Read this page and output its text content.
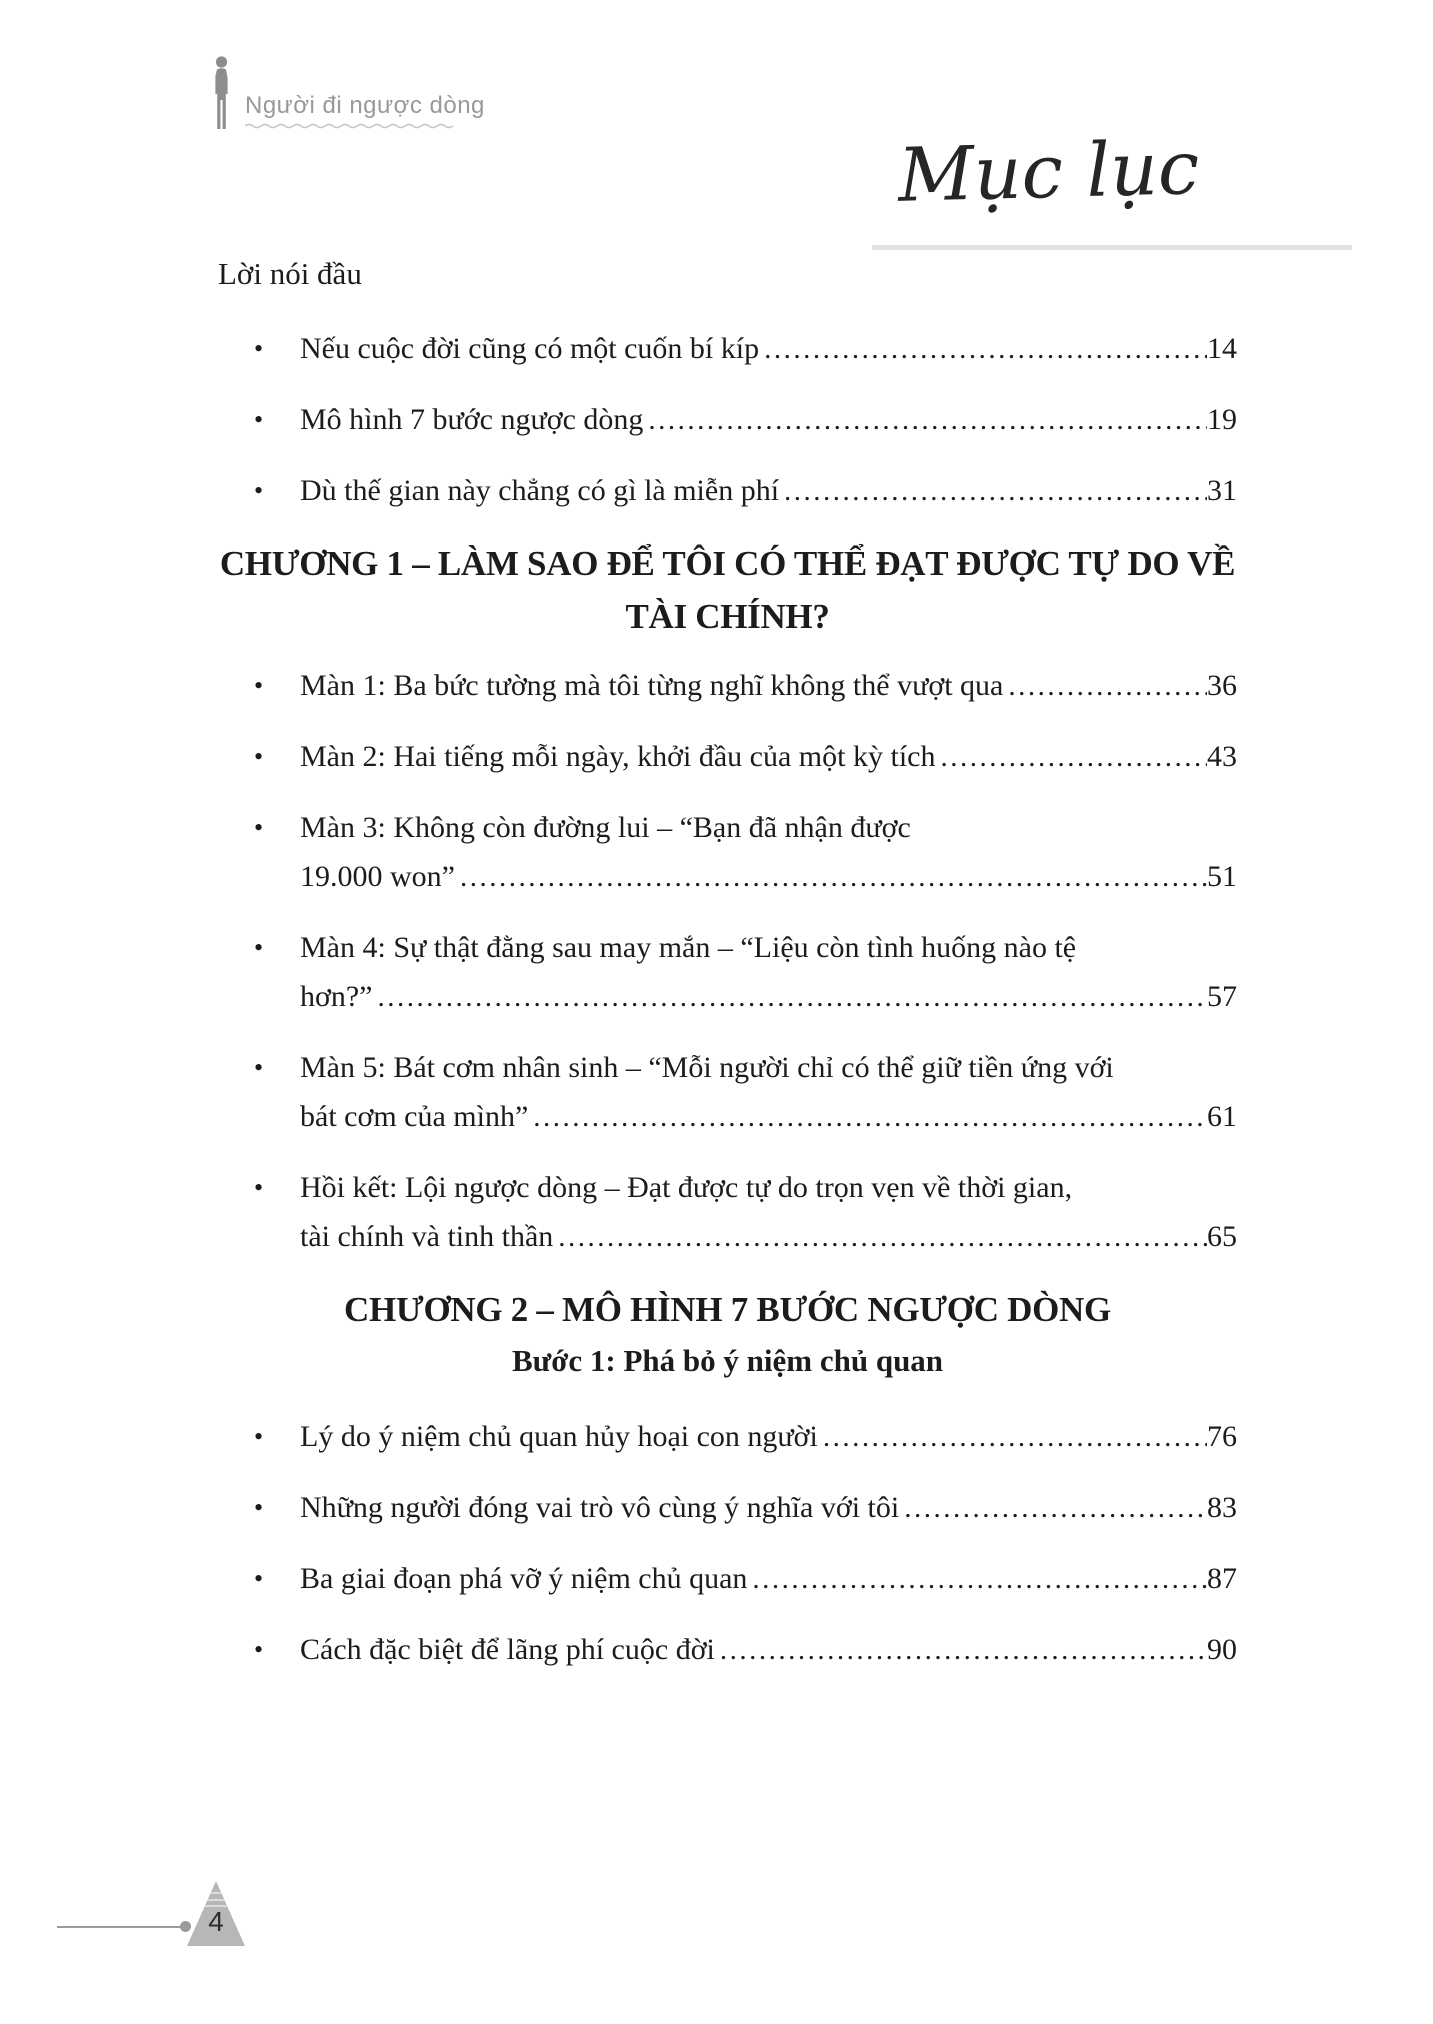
Người đi ngược dòng
Mục lục
Lời nói đầu
•	Nếu cuộc đời cũng có một cuốn bí kíp .....	14
•	Mô hình 7 bước ngược dòng .....	19
•	Dù thế gian này chẳng có gì là miễn phí .....	31
CHƯƠNG 1 – LÀM SAO ĐỂ TÔI CÓ THỂ ĐẠT ĐƯỢC TỰ DO VỀ
TÀI CHÍNH?
•	Màn 1: Ba bức tường mà tôi từng nghĩ không thể vượt qua .....	36
•	Màn 2: Hai tiếng mỗi ngày, khởi đầu của một kỳ tích .....	43
•	Màn 3: Không còn đường lui – “Bạn đã nhận được
19.000 won” .....	51
•	Màn 4: Sự thật đằng sau may mắn – “Liệu còn tình huống nào tệ
hơn?” .....	57
•	Màn 5: Bát cơm nhân sinh – “Mỗi người chỉ có thể giữ tiền ứng với
bát cơm của mình” .....	61
•	Hồi kết: Lội ngược dòng – Đạt được tự do trọn vẹn về thời gian,
tài chính và tinh thần .....	65
CHƯƠNG 2 – MÔ HÌNH 7 BƯỚC NGƯỢC DÒNG
Bước 1: Phá bỏ ý niệm chủ quan
•	Lý do ý niệm chủ quan hủy hoại con người .....	76
•	Những người đóng vai trò vô cùng ý nghĩa với tôi .....	83
•	Ba giai đoạn phá vỡ ý niệm chủ quan .....	87
•	Cách đặc biệt để lãng phí cuộc đời .....	90
4
